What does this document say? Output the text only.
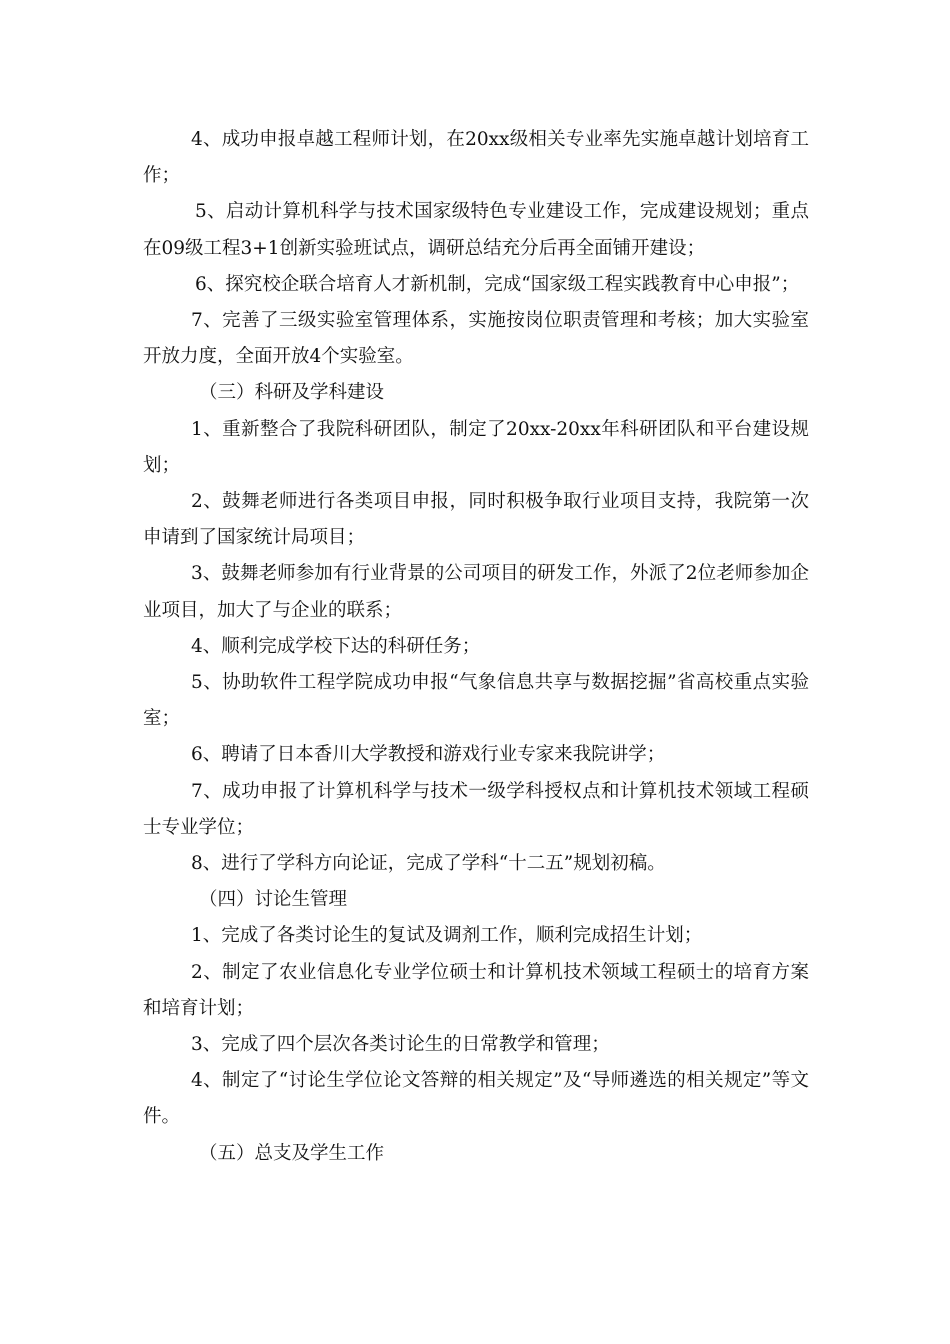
4、成功申报卓越工程师计划，在20xx级相关专业率先实施卓越计划培育工作；

5、启动计算机科学与技术国家级特色专业建设工作，完成建设规划；重点在09级工程3+1创新实验班试点，调研总结充分后再全面铺开建设；

6、探究校企联合培育人才新机制，完成“国家级工程实践教育中心申报”；

7、完善了三级实验室管理体系，实施按岗位职责管理和考核；加大实验室开放力度，全面开放4个实验室。

（三）科研及学科建设

1、重新整合了我院科研团队，制定了20xx-20xx年科研团队和平台建设规划；

2、鼓舞老师进行各类项目申报，同时积极争取行业项目支持，我院第一次申请到了国家统计局项目；

3、鼓舞老师参加有行业背景的公司项目的研发工作，外派了2位老师参加企业项目，加大了与企业的联系；

4、顺利完成学校下达的科研任务；

5、协助软件工程学院成功申报“气象信息共享与数据挖掘”省高校重点实验室；

6、聘请了日本香川大学教授和游戏行业专家来我院讲学；

7、成功申报了计算机科学与技术一级学科授权点和计算机技术领域工程硕士专业学位；

8、进行了学科方向论证，完成了学科“十二五”规划初稿。

（四）讨论生管理

1、完成了各类讨论生的复试及调剂工作，顺利完成招生计划；

2、制定了农业信息化专业学位硕士和计算机技术领域工程硕士的培育方案和培育计划；

3、完成了四个层次各类讨论生的日常教学和管理；

4、制定了“讨论生学位论文答辩的相关规定”及“导师遴选的相关规定”等文件。

（五）总支及学生工作
